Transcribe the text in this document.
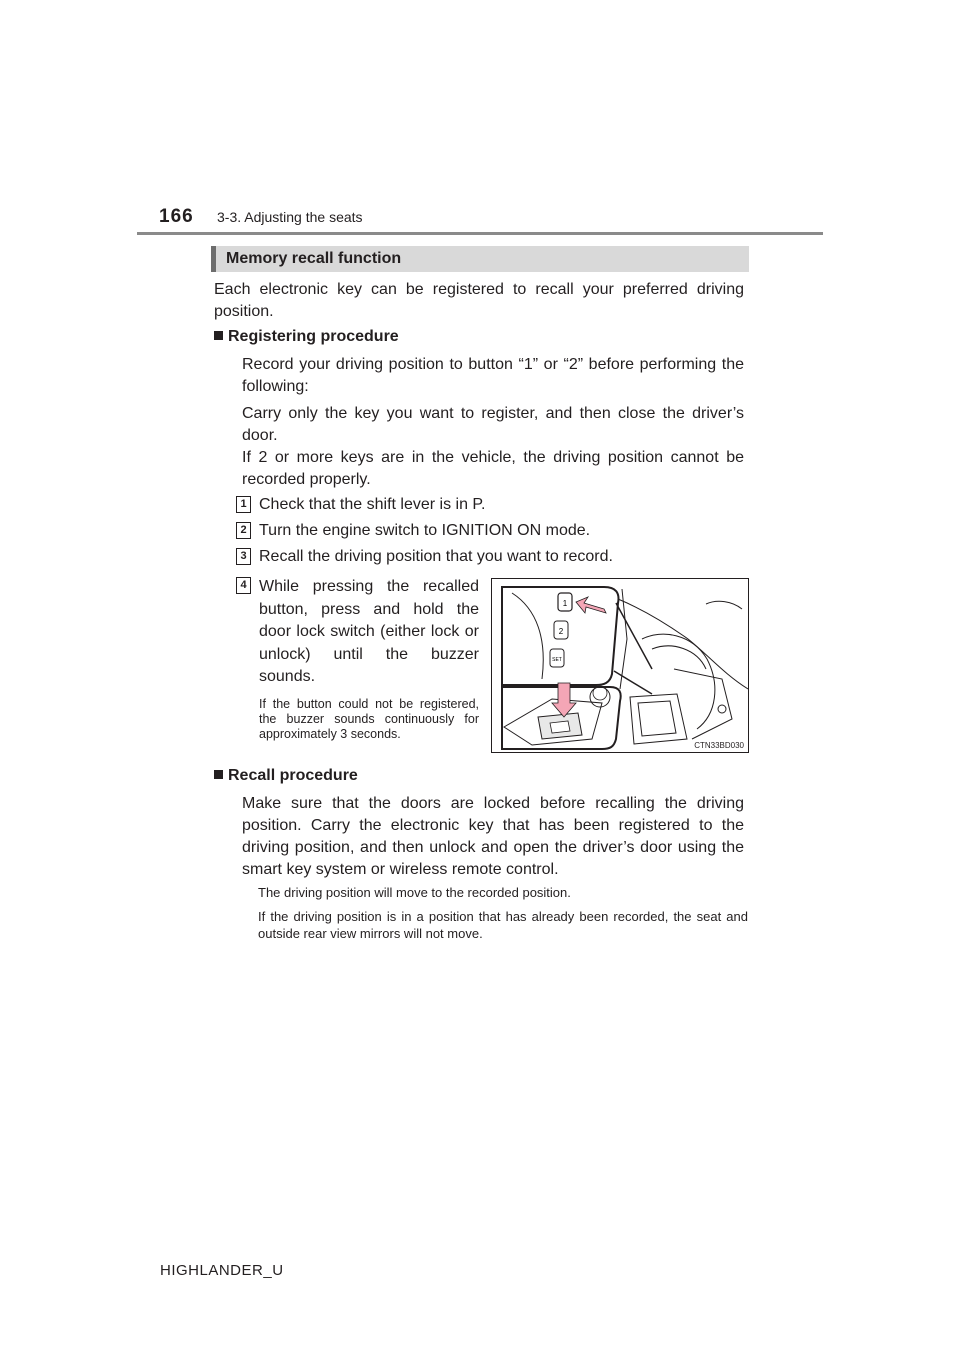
166 3-3. Adjusting the seats
Memory recall function
Each electronic key can be registered to recall your preferred driving position.
Registering procedure
Record your driving position to button “1” or “2” before performing the following:
Carry only the key you want to register, and then close the driver’s door.
If 2 or more keys are in the vehicle, the driving position cannot be recorded properly.
1 Check that the shift lever is in P.
2 Turn the engine switch to IGNITION ON mode.
3 Recall the driving position that you want to record.
4 While pressing the recalled button, press and hold the door lock switch (either lock or unlock) until the buzzer sounds.
If the button could not be registered, the buzzer sounds continuously for approximately 3 seconds.
1
2
SET
CTN33BD030
Recall procedure
Make sure that the doors are locked before recalling the driving position. Carry the electronic key that has been registered to the driving position, and then unlock and open the driver’s door using the smart key system or wireless remote control.
The driving position will move to the recorded position.
If the driving position is in a position that has already been recorded, the seat and outside rear view mirrors will not move.
HIGHLANDER_U
